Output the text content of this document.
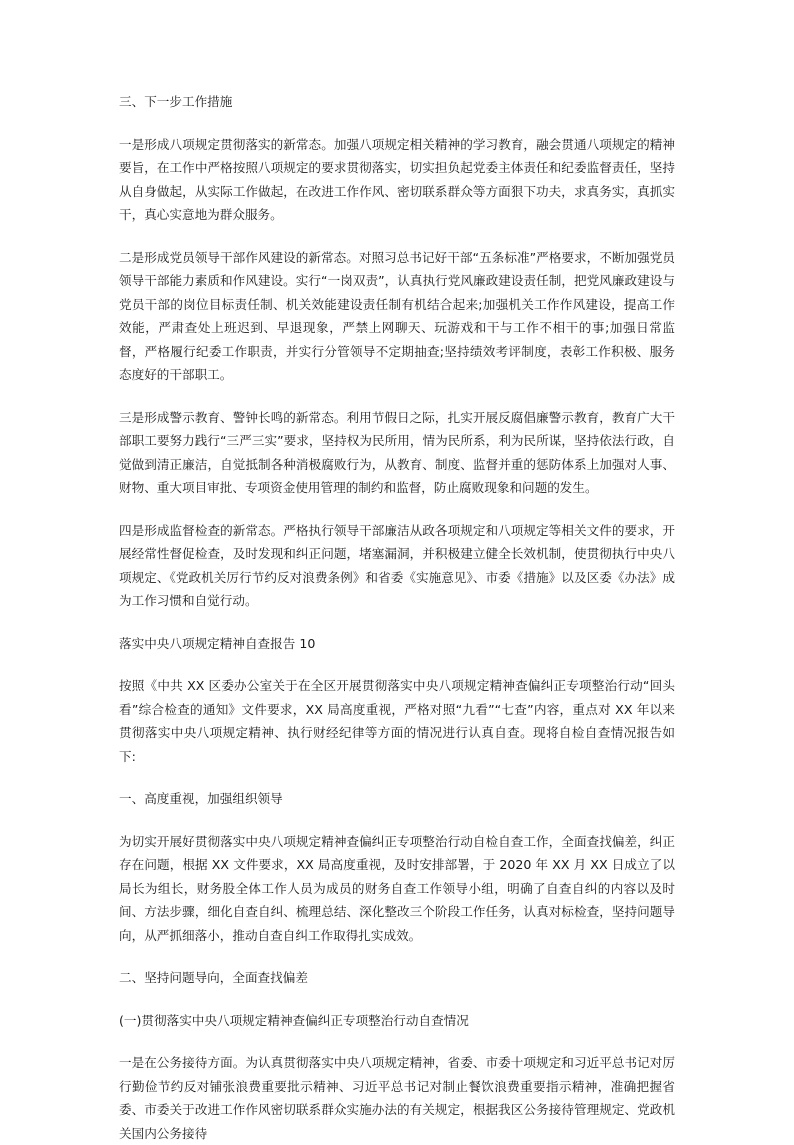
三、下一步工作措施

一是形成八项规定贯彻落实的新常态。加强八项规定相关精神的学习教育，融会贯通八项规定的精神要旨，在工作中严格按照八项规定的要求贯彻落实，切实担负起党委主体责任和纪委监督责任，坚持从自身做起，从实际工作做起，在改进工作作风、密切联系群众等方面狠下功夫，求真务实，真抓实干，真心实意地为群众服务。

二是形成党员领导干部作风建设的新常态。对照习总书记好干部“五条标准”严格要求，不断加强党员领导干部能力素质和作风建设。实行“一岗双责”，认真执行党风廉政建设责任制，把党风廉政建设与党员干部的岗位目标责任制、机关效能建设责任制有机结合起来;加强机关工作作风建设，提高工作效能，严肃查处上班迟到、早退现象，严禁上网聊天、玩游戏和干与工作不相干的事;加强日常监督，严格履行纪委工作职责，并实行分管领导不定期抽查;坚持绩效考评制度，表彰工作积极、服务态度好的干部职工。

三是形成警示教育、警钟长鸣的新常态。利用节假日之际，扎实开展反腐倡廉警示教育，教育广大干部职工要努力践行“三严三实”要求，坚持权为民所用，情为民所系，利为民所谋，坚持依法行政，自觉做到清正廉洁，自觉抵制各种消极腐败行为，从教育、制度、监督并重的惩防体系上加强对人事、财物、重大项目审批、专项资金使用管理的制约和监督，防止腐败现象和问题的发生。

四是形成监督检查的新常态。严格执行领导干部廉洁从政各项规定和八项规定等相关文件的要求，开展经常性督促检查，及时发现和纠正问题，堵塞漏洞，并积极建立健全长效机制，使贯彻执行中央八项规定、《党政机关厉行节约反对浪费条例》和省委《实施意见》、市委《措施》以及区委《办法》成为工作习惯和自觉行动。

落实中央八项规定精神自查报告 10

按照《中共 XX 区委办公室关于在全区开展贯彻落实中央八项规定精神查偏纠正专项整治行动“回头看”综合检查的通知》文件要求，XX 局高度重视，严格对照“九看”“七查”内容，重点对 XX 年以来贯彻落实中央八项规定精神、执行财经纪律等方面的情况进行认真自查。现将自检自查情况报告如下:

一、高度重视，加强组织领导

为切实开展好贯彻落实中央八项规定精神查偏纠正专项整治行动自检自查工作，全面查找偏差，纠正存在问题，根据 XX 文件要求，XX 局高度重视，及时安排部署，于 2020 年 XX 月 XX 日成立了以局长为组长，财务股全体工作人员为成员的财务自查工作领导小组，明确了自查自纠的内容以及时间、方法步骤，细化自查自纠、梳理总结、深化整改三个阶段工作任务，认真对标检查，坚持问题导向，从严抓细落小，推动自查自纠工作取得扎实成效。

二、坚持问题导向，全面查找偏差

(一)贯彻落实中央八项规定精神查偏纠正专项整治行动自查情况

一是在公务接待方面。为认真贯彻落实中央八项规定精神，省委、市委十项规定和习近平总书记对厉行勤俭节约反对铺张浪费重要批示精神、习近平总书记对制止餐饮浪费重要指示精神，准确把握省委、市委关于改进工作作风密切联系群众实施办法的有关规定，根据我区公务接待管理规定、党政机关国内公务接待
